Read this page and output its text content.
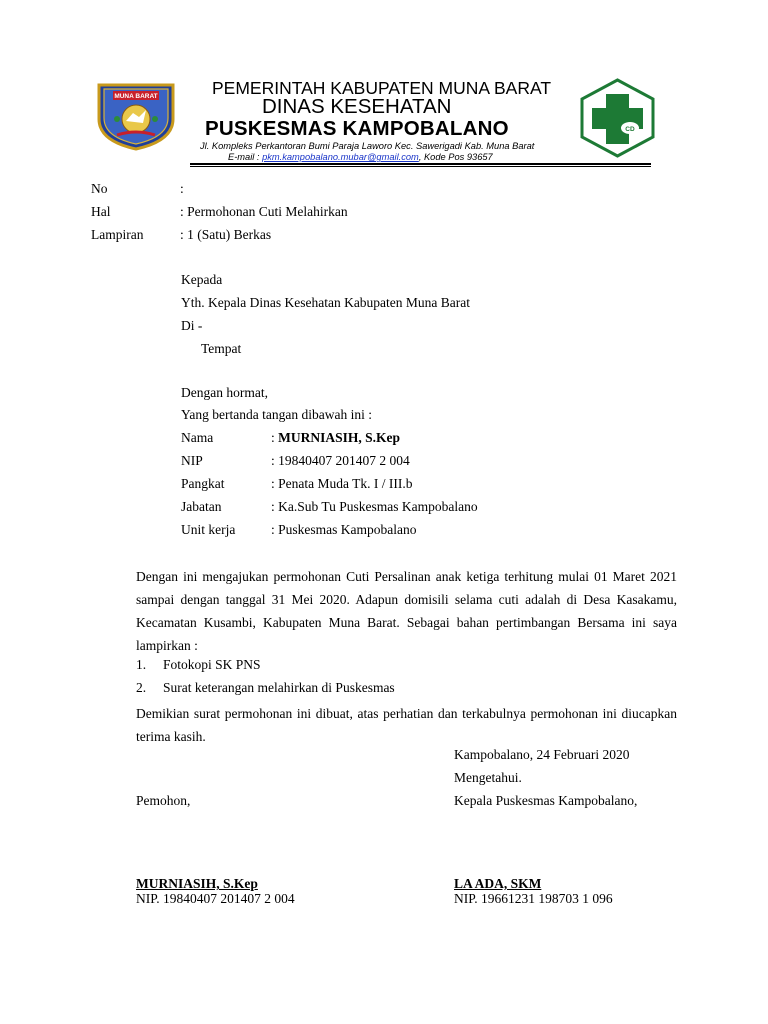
MUNA BARAT	PEMERINTAH KABUPATEN MUNA BARAT
DINAS KESEHATAN
PUSKESMAS KAMPOBALANO
Jl. Kompleks Perkantoran Bumi Paraja Laworo Kec. Sawerigadi Kab. Muna Barat
E-mail : pkm.kampobalano.mubar@gmail.com, Kode Pos 93657
CD
No	:
Hal	: Permohonan Cuti Melahirkan
Lampiran	: 1 (Satu) Berkas
Kepada
Yth. Kepala Dinas Kesehatan Kabupaten Muna Barat
Di -
Tempat
Dengan hormat,
Yang bertanda tangan dibawah ini :
Nama	: MURNIASIH, S.Kep
NIP	: 19840407 201407 2 004
Pangkat	: Penata Muda Tk. I / III.b
Jabatan	: Ka.Sub Tu Puskesmas Kampobalano
Unit kerja	: Puskesmas Kampobalano
Dengan ini mengajukan permohonan Cuti Persalinan anak ketiga terhitung mulai 01 Maret 2021 sampai dengan tanggal 31 Mei 2020. Adapun domisili selama cuti adalah di Desa Kasakamu, Kecamatan Kusambi, Kabupaten Muna Barat. Sebagai bahan pertimbangan Bersama ini saya lampirkan :
1. Fotokopi SK PNS
2. Surat keterangan melahirkan di Puskesmas
Demikian surat permohonan ini dibuat, atas perhatian dan terkabulnya permohonan ini diucapkan terima kasih.
Kampobalano, 24 Februari 2020
Mengetahui.
Pemohon,	Kepala Puskesmas Kampobalano,
MURNIASIH, S.Kep
NIP. 19840407 201407 2 004
LA ADA, SKM
NIP. 19661231 198703 1 096
